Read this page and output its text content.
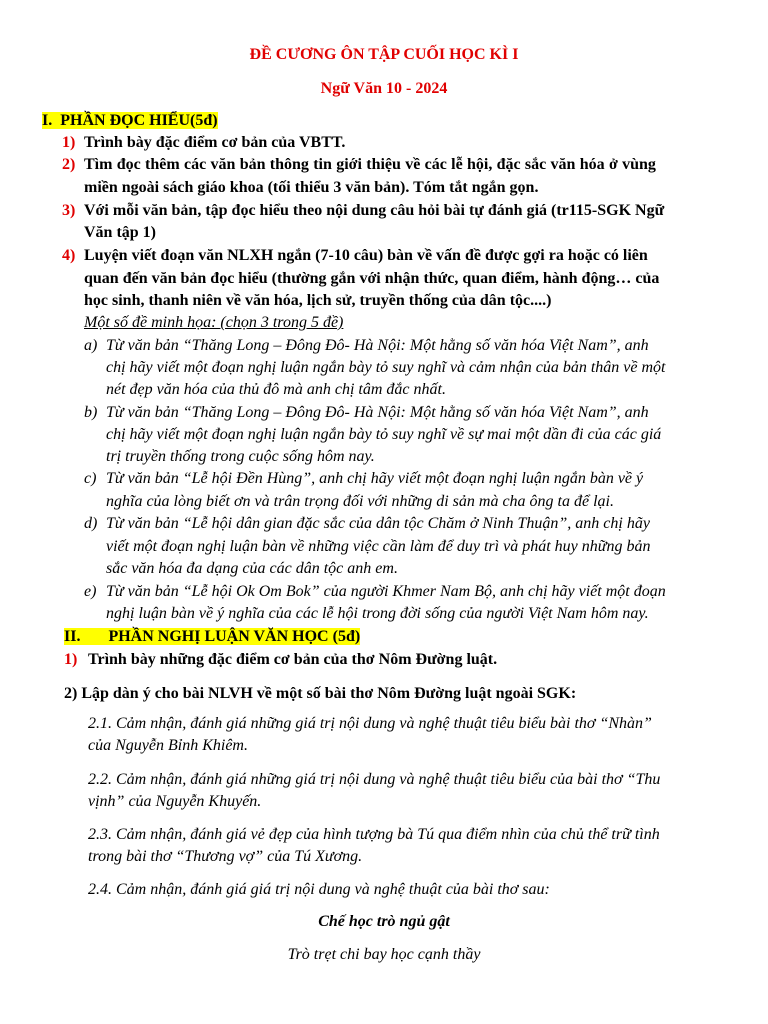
ĐỀ CƯƠNG ÔN TẬP CUỐI HỌC KÌ I
Ngữ Văn 10 - 2024
I. PHẦN ĐỌC HIỂU(5đ)
1) Trình bày đặc điểm cơ bản của VBTT.
2) Tìm đọc thêm các văn bản thông tin giới thiệu về các lễ hội, đặc sắc văn hóa ở vùng
miền ngoài sách giáo khoa (tối thiểu 3 văn bản). Tóm tắt ngắn gọn.
3) Với mỗi văn bản, tập đọc hiểu theo nội dung câu hỏi bài tự đánh giá (tr115-SGK Ngữ
Văn tập 1)
4) Luyện viết đoạn văn NLXH ngắn (7-10 câu) bàn về vấn đề được gợi ra hoặc có liên
quan đến văn bản đọc hiểu (thường gắn với nhận thức, quan điểm, hành động… của
học sinh, thanh niên về văn hóa, lịch sử, truyền thống của dân tộc....)
Một số đề minh họa: (chọn 3 trong 5 đề)
a) Từ văn bản “Thăng Long – Đông Đô- Hà Nội: Một hằng số văn hóa Việt Nam”, anh
chị hãy viết một đoạn nghị luận ngắn bày tỏ suy nghĩ và cảm nhận của bản thân về một
nét đẹp văn hóa của thủ đô mà anh chị tâm đắc nhất.
b) Từ văn bản “Thăng Long – Đông Đô- Hà Nội: Một hằng số văn hóa Việt Nam”, anh
chị hãy viết một đoạn nghị luận ngắn bày tỏ suy nghĩ về sự mai một dần đi của các giá
trị truyền thống trong cuộc sống hôm nay.
c) Từ văn bản “Lễ hội Đền Hùng”, anh chị hãy viết một đoạn nghị luận ngắn bàn về ý
nghĩa của lòng biết ơn và trân trọng đối với những di sản mà cha ông ta để lại.
d) Từ văn bản “Lễ hội dân gian đặc sắc của dân tộc Chăm ở Ninh Thuận”, anh chị hãy
viết một đoạn nghị luận bàn về những việc cần làm để duy trì và phát huy những bản
sắc văn hóa đa dạng của các dân tộc anh em.
e) Từ văn bản “Lễ hội Ok Om Bok” của người Khmer Nam Bộ, anh chị hãy viết một đoạn
nghị luận bàn về ý nghĩa của các lễ hội trong đời sống của người Việt Nam hôm nay.
II. PHẦN NGHỊ LUẬN VĂN HỌC (5đ)
1) Trình bày những đặc điểm cơ bản của thơ Nôm Đường luật.
2) Lập dàn ý cho bài NLVH về một số bài thơ Nôm Đường luật ngoài SGK:
2.1. Cảm nhận, đánh giá những giá trị nội dung và nghệ thuật tiêu biểu bài thơ “Nhàn”
của Nguyễn Bỉnh Khiêm.
2.2. Cảm nhận, đánh giá những giá trị nội dung và nghệ thuật tiêu biểu của bài thơ “Thu
vịnh” của Nguyễn Khuyến.
2.3. Cảm nhận, đánh giá vẻ đẹp của hình tượng bà Tú qua điểm nhìn của chủ thể trữ tình
trong bài thơ “Thương vợ” của Tú Xương.
2.4. Cảm nhận, đánh giá giá trị nội dung và nghệ thuật của bài thơ sau:
Chế học trò ngủ gật
Trò trẹt chi bay học cạnh thầy
